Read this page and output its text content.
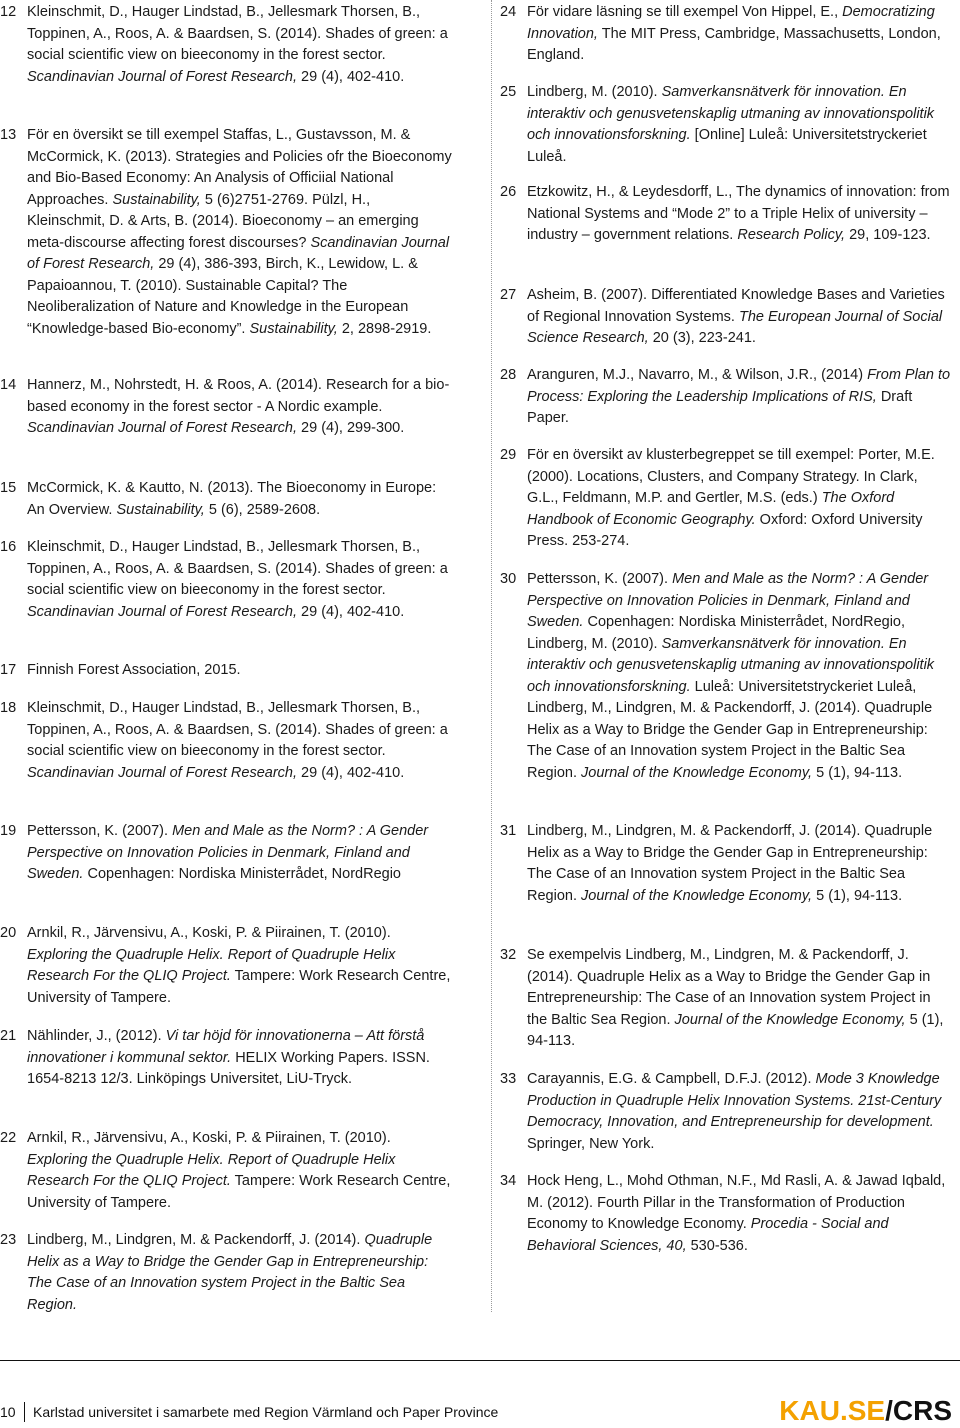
12 Kleinschmit, D., Hauger Lindstad, B., Jellesmark Thorsen, B., Toppinen, A., Roos, A. & Baardsen, S. (2014). Shades of green: a social scientific view on bieeconomy in the forest sector. Scandinavian Journal of Forest Research, 29 (4), 402-410.
13 För en översikt se till exempel Staffas, L., Gustavsson, M. & McCormick, K. (2013). Strategies and Policies ofr the Bioeconomy and Bio-Based Economy: An Analysis of Officiial National Approaches. Sustainability, 5 (6)2751-2769. Pülzl, H., Kleinschmit, D. & Arts, B. (2014). Bioeconomy – an emerging meta-discourse affecting forest discourses? Scandinavian Journal of Forest Research, 29 (4), 386-393, Birch, K., Lewidow, L. & Papaioannou, T. (2010). Sustainable Capital? The Neoliberalization of Nature and Knowledge in the European “Knowledge-based Bio-economy”. Sustainability, 2, 2898-2919.
14 Hannerz, M., Nohrstedt, H. & Roos, A. (2014). Research for a bio-based economy in the forest sector - A Nordic example. Scandinavian Journal of Forest Research, 29 (4), 299-300.
15 McCormick, K. & Kautto, N. (2013). The Bioeconomy in Europe: An Overview. Sustainability, 5 (6), 2589-2608.
16 Kleinschmit, D., Hauger Lindstad, B., Jellesmark Thorsen, B., Toppinen, A., Roos, A. & Baardsen, S. (2014). Shades of green: a social scientific view on bieeconomy in the forest sector. Scandinavian Journal of Forest Research, 29 (4), 402-410.
17 Finnish Forest Association, 2015.
18 Kleinschmit, D., Hauger Lindstad, B., Jellesmark Thorsen, B., Toppinen, A., Roos, A. & Baardsen, S. (2014). Shades of green: a social scientific view on bieeconomy in the forest sector. Scandinavian Journal of Forest Research, 29 (4), 402-410.
19 Pettersson, K. (2007). Men and Male as the Norm? : A Gender Perspective on Innovation Policies in Denmark, Finland and Sweden. Copenhagen: Nordiska Ministerrådet, NordRegio
20 Arnkil, R., Järvensivu, A., Koski, P. & Piirainen, T. (2010). Exploring the Quadruple Helix. Report of Quadruple Helix Research For the QLIQ Project. Tampere: Work Research Centre, University of Tampere.
21 Nählinder, J., (2012). Vi tar höjd för innovationerna – Att förstå innovationer i kommunal sektor. HELIX Working Papers. ISSN. 1654-8213 12/3. Linköpings Universitet, LiU-Tryck.
22 Arnkil, R., Järvensivu, A., Koski, P. & Piirainen, T. (2010). Exploring the Quadruple Helix. Report of Quadruple Helix Research For the QLIQ Project. Tampere: Work Research Centre, University of Tampere.
23 Lindberg, M., Lindgren, M. & Packendorff, J. (2014). Quadruple Helix as a Way to Bridge the Gender Gap in Entrepreneurship: The Case of an Innovation system Project in the Baltic Sea Region.
24 För vidare läsning se till exempel Von Hippel, E., Democratizing Innovation, The MIT Press, Cambridge, Massachusetts, London, England.
25 Lindberg, M. (2010). Samverkansnätverk för innovation. En interaktiv och genusvetenskaplig utmaning av innovationspolitik och innovationsforskning. [Online] Luleå: Universitetstryckeriet Luleå.
26 Etzkowitz, H., & Leydesdorff, L., The dynamics of innovation: from National Systems and “Mode 2” to a Triple Helix of university – industry – government relations. Research Policy, 29, 109-123.
27 Asheim, B. (2007). Differentiated Knowledge Bases and Varieties of Regional Innovation Systems. The European Journal of Social Science Research, 20 (3), 223-241.
28 Aranguren, M.J., Navarro, M., & Wilson, J.R., (2014) From Plan to Process: Exploring the Leadership Implications of RIS, Draft Paper.
29 För en översikt av klusterbegreppet se till exempel: Porter, M.E. (2000). Locations, Clusters, and Company Strategy. In Clark, G.L., Feldmann, M.P. and Gertler, M.S. (eds.) The Oxford Handbook of Economic Geography. Oxford: Oxford University Press. 253-274.
30 Pettersson, K. (2007). Men and Male as the Norm? : A Gender Perspective on Innovation Policies in Denmark, Finland and Sweden. Copenhagen: Nordiska Ministerrådet, NordRegio, Lindberg, M. (2010). Samverkansnätverk för innovation. En interaktiv och genusvetenskaplig utmaning av innovationspolitik och innovationsforskning. Luleå: Universitetstryckeriet Luleå, Lindberg, M., Lindgren, M. & Packendorff, J. (2014). Quadruple Helix as a Way to Bridge the Gender Gap in Entrepreneurship: The Case of an Innovation system Project in the Baltic Sea Region. Journal of the Knowledge Economy, 5 (1), 94-113.
31 Lindberg, M., Lindgren, M. & Packendorff, J. (2014). Quadruple Helix as a Way to Bridge the Gender Gap in Entrepreneurship: The Case of an Innovation system Project in the Baltic Sea Region. Journal of the Knowledge Economy, 5 (1), 94-113.
32 Se exempelvis Lindberg, M., Lindgren, M. & Packendorff, J. (2014). Quadruple Helix as a Way to Bridge the Gender Gap in Entrepreneurship: The Case of an Innovation system Project in the Baltic Sea Region. Journal of the Knowledge Economy, 5 (1), 94-113.
33 Carayannis, E.G. & Campbell, D.F.J. (2012). Mode 3 Knowledge Production in Quadruple Helix Innovation Systems. 21st-Century Democracy, Innovation, and Entrepreneurship for development. Springer, New York.
34 Hock Heng, L., Mohd Othman, N.F., Md Rasli, A. & Jawad Iqbald, M. (2012). Fourth Pillar in the Transformation of Production Economy to Knowledge Economy. Procedia - Social and Behavioral Sciences, 40, 530-536.
10 Karlstad universitet i samarbete med Region Värmland och Paper Province	KAU.SE/CRS
